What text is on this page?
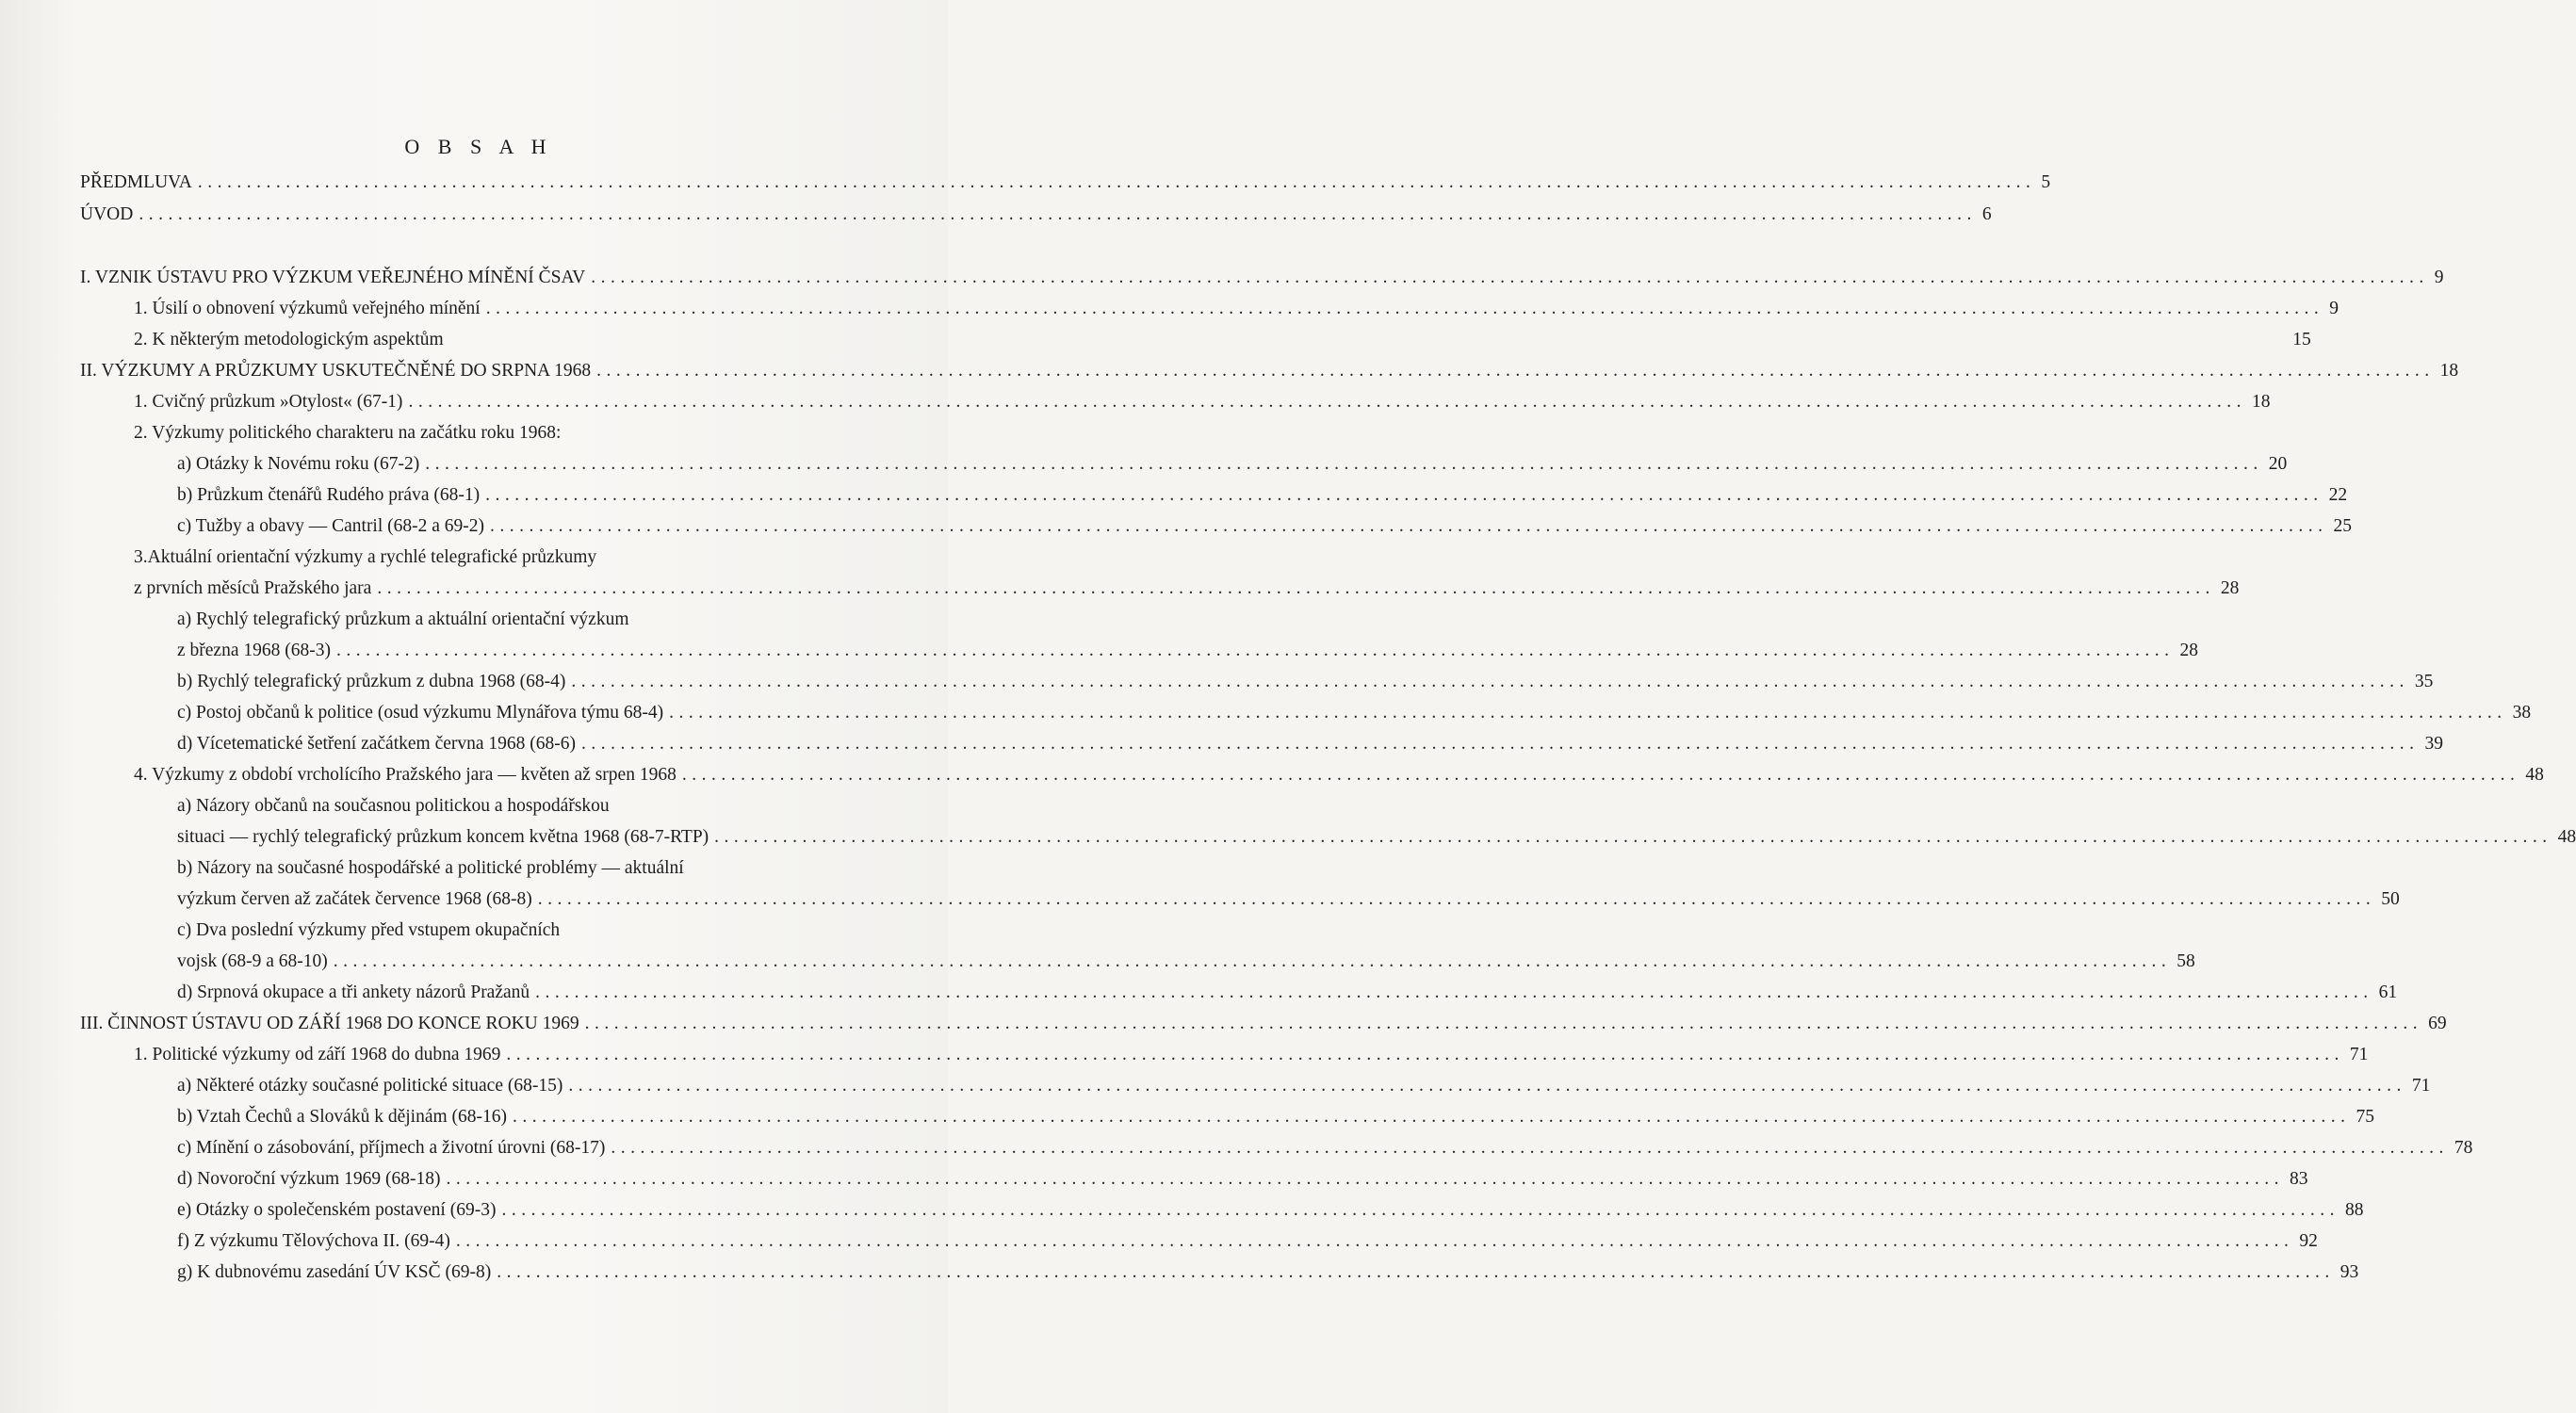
O B S A H
PŘEDMLUVA ............................................................................................................................................................................................ 5
ÚVOD ............................................................................................................................................................................................ 6
I. VZNIK ÚSTAVU PRO VÝZKUM VEŘEJNÉHO MÍNĚNÍ ČSAV ............................................................................................................................................................................................ 9
1. Úsilí o obnovení výzkumů veřejného mínění ............................................................................................................................................................................................ 9
2. K některým metodologickým aspektům	15
II. VÝZKUMY A PRŮZKUMY USKUTEČNĚNÉ DO SRPNA 1968 ............................................................................................................................................................................................ 18
1. Cvičný průzkum »Otylost« (67-1) ............................................................................................................................................................................................ 18
2. Výzkumy politického charakteru na začátku roku 1968:
a) Otázky k Novému roku (67-2) ............................................................................................................................................................................................ 20
b) Průzkum čtenářů Rudého práva (68-1) ............................................................................................................................................................................................ 22
c) Tužby a obavy — Cantril (68-2 a 69-2) ............................................................................................................................................................................................ 25
3.Aktuální orientační výzkumy a rychlé telegrafické průzkumy
z prvních měsíců Pražského jara ............................................................................................................................................................................................ 28
a) Rychlý telegrafický průzkum a aktuální orientační výzkum
z března 1968 (68-3) ............................................................................................................................................................................................ 28
b) Rychlý telegrafický průzkum z dubna 1968 (68-4) ............................................................................................................................................................................................ 35
c) Postoj občanů k politice (osud výzkumu Mlynářova týmu 68-4) ............................................................................................................................................................................................ 38
d) Vícetematické šetření začátkem června 1968 (68-6) ............................................................................................................................................................................................ 39
4. Výzkumy z období vrcholícího Pražského jara — květen až srpen 1968 ............................................................................................................................................................................................ 48
a) Názory občanů na současnou politickou a hospodářskou
situaci — rychlý telegrafický průzkum koncem května 1968 (68-7-RTP) ............................................................................................................................................................................................ 48
b) Názory na současné hospodářské a politické problémy — aktuální
výzkum červen až začátek července 1968 (68-8) ............................................................................................................................................................................................ 50
c) Dva poslední výzkumy před vstupem okupačních
vojsk (68-9 a 68-10) ............................................................................................................................................................................................ 58
d) Srpnová okupace a tři ankety názorů Pražanů ............................................................................................................................................................................................ 61
III. ČINNOST ÚSTAVU OD ZÁŘÍ 1968 DO KONCE ROKU 1969 ............................................................................................................................................................................................ 69
1. Politické výzkumy od září 1968 do dubna 1969 ............................................................................................................................................................................................ 71
a) Některé otázky současné politické situace (68-15) ............................................................................................................................................................................................ 71
b) Vztah Čechů a Slováků k dějinám (68-16) ............................................................................................................................................................................................ 75
c) Mínění o zásobování, příjmech a životní úrovni (68-17) ............................................................................................................................................................................................ 78
d) Novoroční výzkum 1969 (68-18) ............................................................................................................................................................................................ 83
e) Otázky o společenském postavení (69-3) ............................................................................................................................................................................................ 88
f) Z výzkumu Tělovýchova II. (69-4) ............................................................................................................................................................................................ 92
g) K dubnovému zasedání ÚV KSČ (69-8) ............................................................................................................................................................................................ 93
